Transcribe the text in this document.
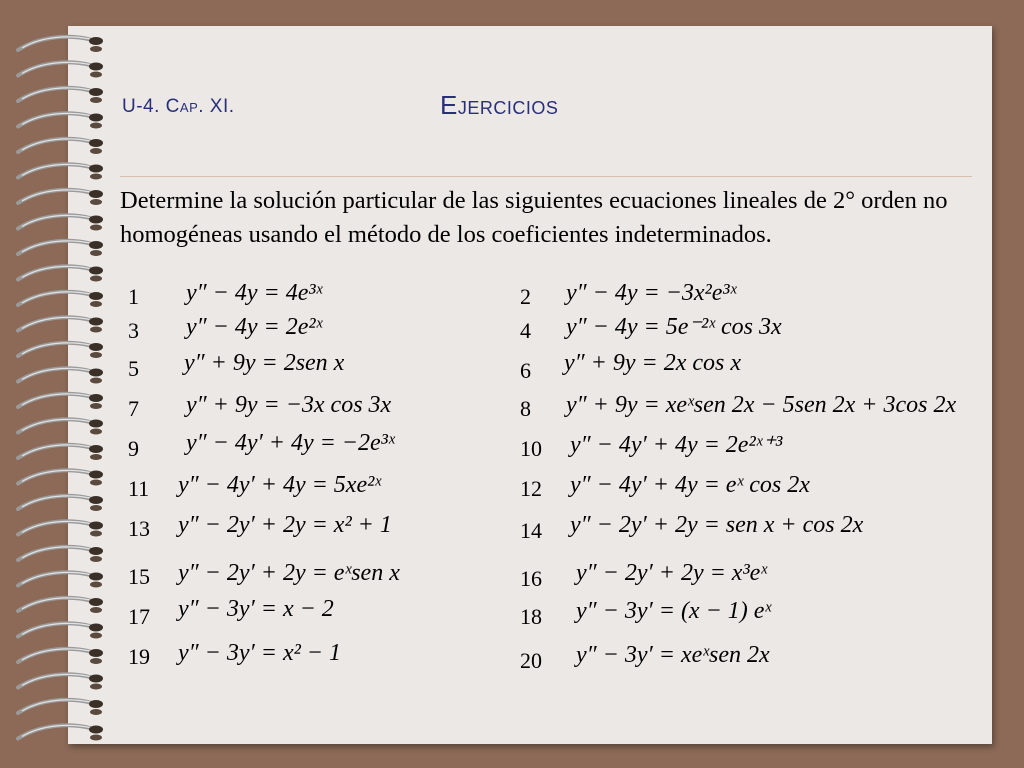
U-4. Cap. XI.	Ejercicios
Determine la solución particular de las siguientes ecuaciones lineales de 2° orden no homogéneas usando el método de los coeficientes indeterminados.
1 y″ − 4y = 4e³ˣ
3 y″ − 4y = 2e²ˣ
5 y″ + 9y = 2sen x
7 y″ + 9y = −3x cos 3x
9 y″ − 4y′ + 4y = −2e³ˣ
11 y″ − 4y′ + 4y = 5xe²ˣ
13 y″ − 2y′ + 2y = x² + 1
15 y″ − 2y′ + 2y = eˣsen x
17 y″ − 3y′ = x − 2
19 y″ − 3y′ = x² − 1
2 y″ − 4y = −3x²e³ˣ
4 y″ − 4y = 5e⁻²ˣ cos 3x
6 y″ + 9y = 2x cos x
8 y″ + 9y = xeˣsen 2x − 5sen 2x + 3cos 2x
10 y″ − 4y′ + 4y = 2e²ˣ⁺³
12 y″ − 4y′ + 4y = eˣ cos 2x
14 y″ − 2y′ + 2y = sen x + cos 2x
16 y″ − 2y′ + 2y = x³eˣ
18 y″ − 3y′ = (x − 1) eˣ
20 y″ − 3y′ = xeˣsen 2x
